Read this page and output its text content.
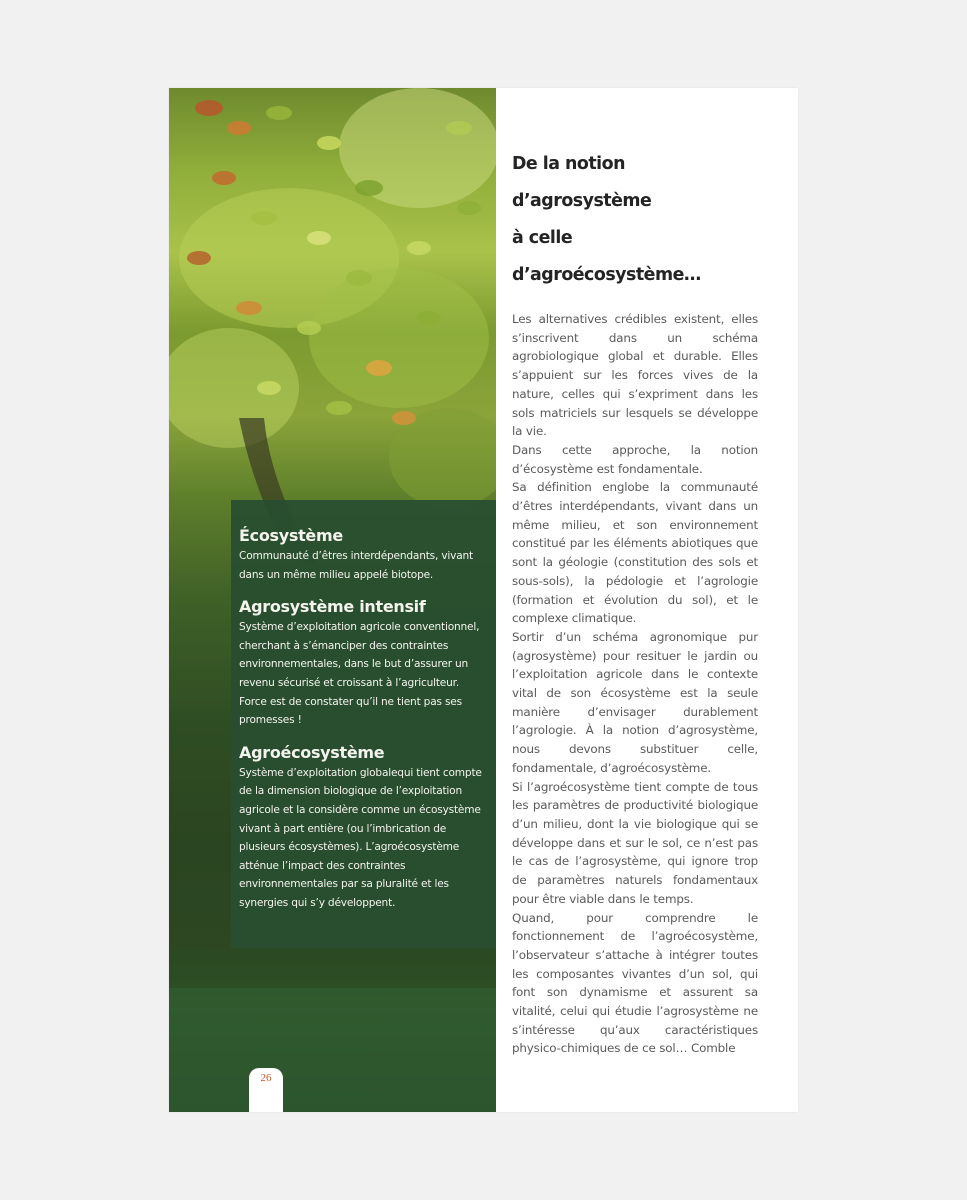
26

Écosystème

Communauté d’êtres interdépendants, vivant dans un même milieu appelé biotope.

Agrosystème intensif

Système d’exploitation agricole conventionnel, cherchant à s’émanciper des contraintes environnementales, dans le but d’assurer un revenu sécurisé et croissant à l’agriculteur. Force est de constater qu’il ne tient pas ses promesses !

Agroécosystème

Système d’exploitation globalequi tient compte de la dimension biologique de l’exploitation agricole et la considère comme un écosystème vivant à part entière (ou l’imbrication de plusieurs écosystèmes). L’agroécosystème atténue l’impact des contraintes environnementales par sa pluralité et les synergies qui s’y développent.

De la notion d’agrosystème
à celle d’agroécosystème…

Les alternatives crédibles existent, elles s’inscrivent dans un schéma agrobiologique global et durable. Elles s’appuient sur les forces vives de la nature, celles qui s’expriment dans les sols matriciels sur lesquels se développe la vie.

Dans cette approche, la notion d’écosystème est fondamentale.

Sa définition englobe la communauté d’êtres interdépendants, vivant dans un même milieu, et son environnement constitué par les éléments abiotiques que sont la géologie (constitution des sols et sous-sols), la pédologie et l’agrologie (formation et évolution du sol), et le complexe climatique.

Sortir d’un schéma agronomique pur (agrosystème) pour resituer le jardin ou l’exploitation agricole dans le contexte vital de son écosystème est la seule manière d’envisager durablement l’agrologie. À la notion d’agrosystème, nous devons substituer celle, fondamentale, d’agroécosystème.

Si l’agroécosystème tient compte de tous les paramètres de productivité biologique d’un milieu, dont la vie biologique qui se développe dans et sur le sol, ce n’est pas le cas de l’agrosystème, qui ignore trop de paramètres naturels fondamentaux pour être viable dans le temps.

Quand, pour comprendre le fonctionnement de l’agroécosystème, l’observateur s’attache à intégrer toutes les composantes vivantes d’un sol, qui font son dynamisme et assurent sa vitalité, celui qui étudie l’agrosystème ne s’intéresse qu’aux caractéristiques physico-chimiques de ce sol… Comble
